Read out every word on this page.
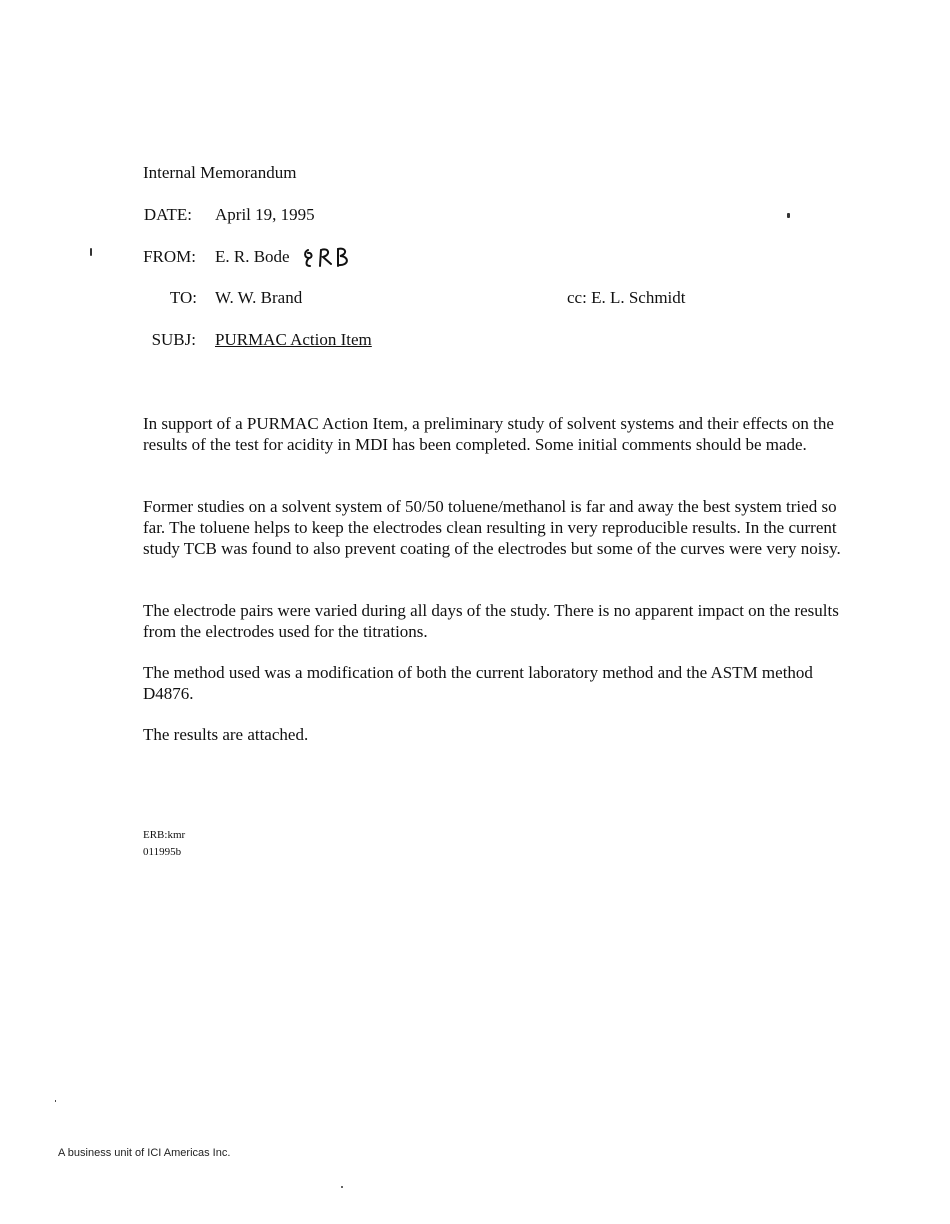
Internal Memorandum
DATE: April 19, 1995
FROM: E. R. Bode
TO: W. W. Brand	cc: E. L. Schmidt
SUBJ: PURMAC Action Item

In support of a PURMAC Action Item, a preliminary study of solvent systems and their effects on the results of the test for acidity in MDI has been completed. Some initial comments should be made.

Former studies on a solvent system of 50/50 toluene/methanol is far and away the best system tried so far. The toluene helps to keep the electrodes clean resulting in very reproducible results. In the current study TCB was found to also prevent coating of the electrodes but some of the curves were very noisy.

The electrode pairs were varied during all days of the study. There is no apparent impact on the results from the electrodes used for the titrations.

The method used was a modification of both the current laboratory method and the ASTM method D4876.

The results are attached.

ERB:kmr
011995b
A business unit of ICI Americas Inc.
